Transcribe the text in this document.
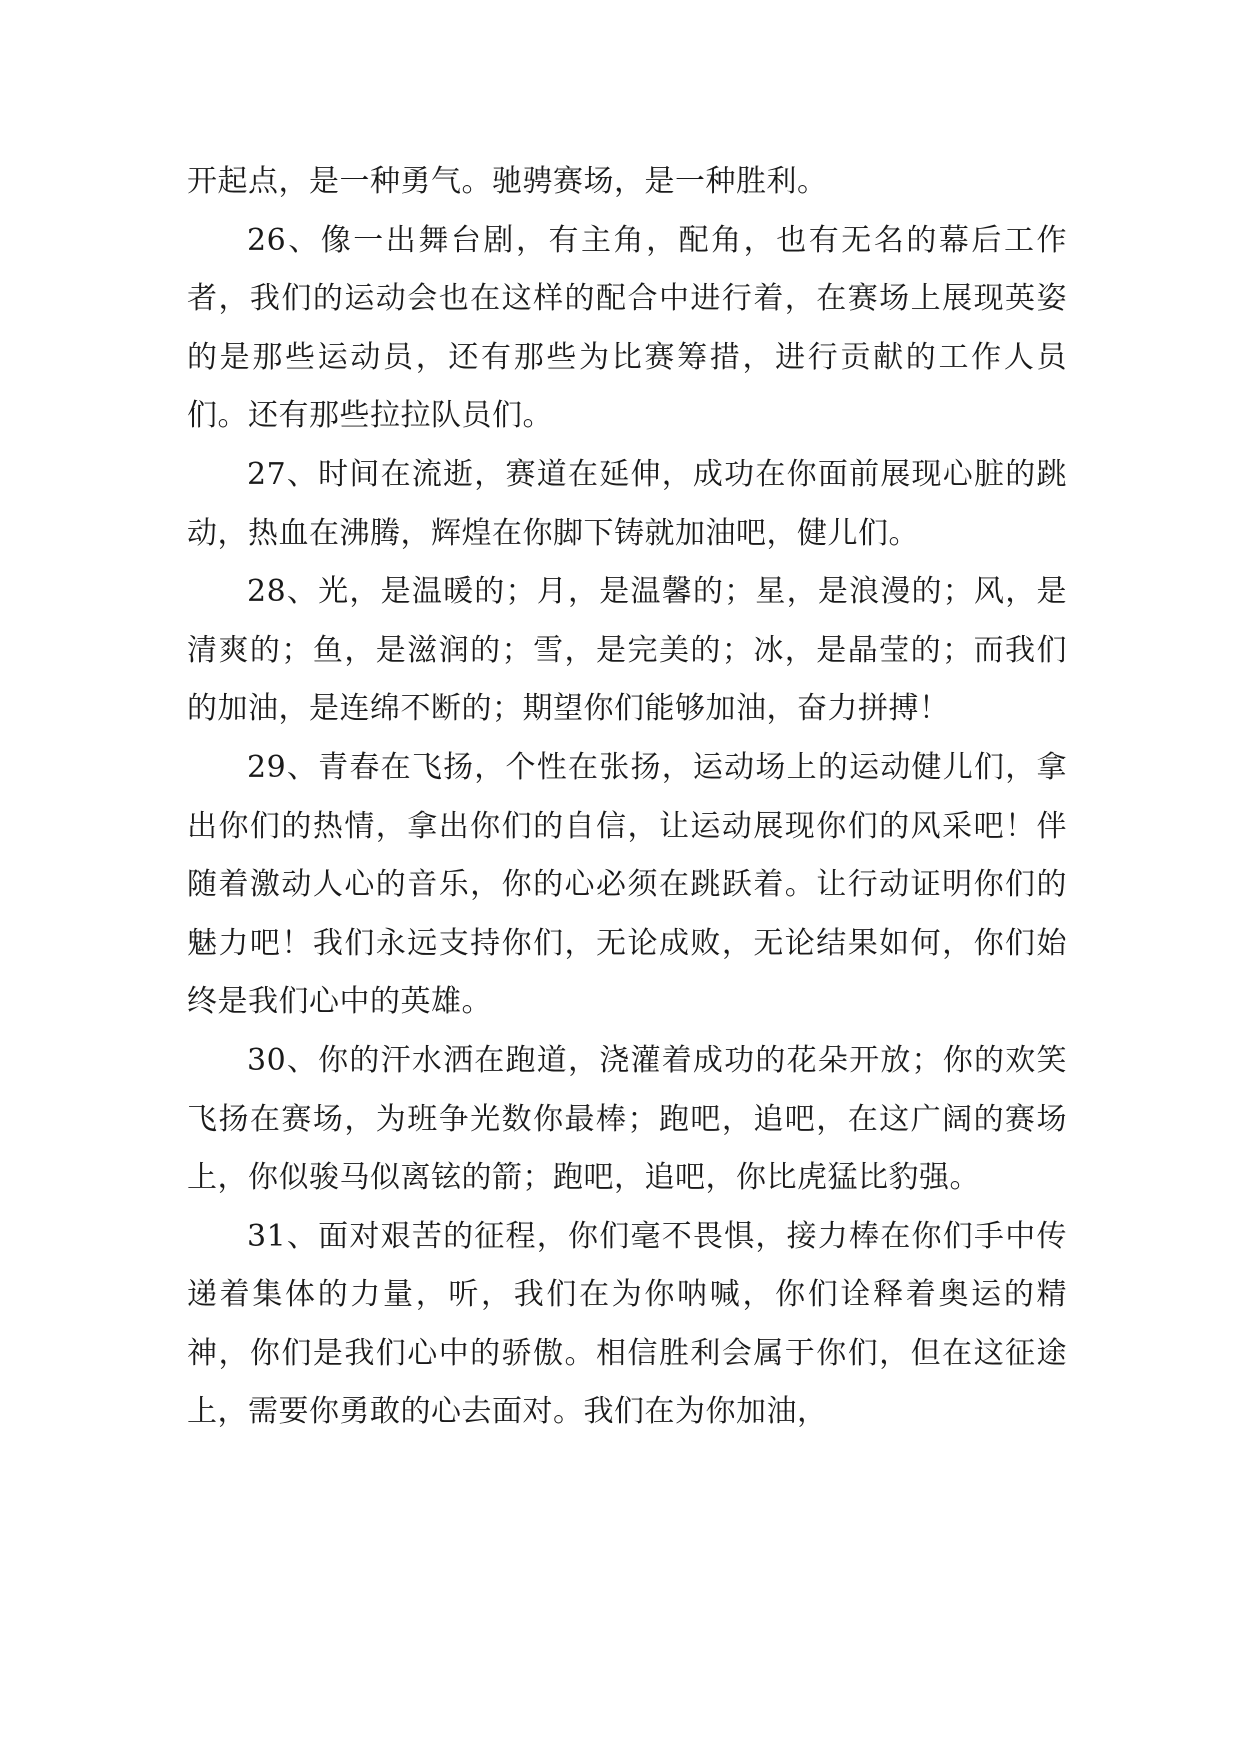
开起点，是一种勇气。驰骋赛场，是一种胜利。

26、像一出舞台剧，有主角，配角，也有无名的幕后工作者，我们的运动会也在这样的配合中进行着，在赛场上展现英姿的是那些运动员，还有那些为比赛筹措，进行贡献的工作人员们。还有那些拉拉队员们。

27、时间在流逝，赛道在延伸，成功在你面前展现心脏的跳动，热血在沸腾，辉煌在你脚下铸就加油吧，健儿们。

28、光，是温暖的；月，是温馨的；星，是浪漫的；风，是清爽的；鱼，是滋润的；雪，是完美的；冰，是晶莹的；而我们的加油，是连绵不断的；期望你们能够加油，奋力拼搏！

29、青春在飞扬，个性在张扬，运动场上的运动健儿们，拿出你们的热情，拿出你们的自信，让运动展现你们的风采吧！伴随着激动人心的音乐，你的心必须在跳跃着。让行动证明你们的魅力吧！我们永远支持你们，无论成败，无论结果如何，你们始终是我们心中的英雄。

30、你的汗水洒在跑道，浇灌着成功的花朵开放；你的欢笑飞扬在赛场，为班争光数你最棒；跑吧，追吧，在这广阔的赛场上，你似骏马似离铉的箭；跑吧，追吧，你比虎猛比豹强。

31、面对艰苦的征程，你们毫不畏惧，接力棒在你们手中传递着集体的力量，听，我们在为你呐喊，你们诠释着奥运的精神，你们是我们心中的骄傲。相信胜利会属于你们，但在这征途上，需要你勇敢的心去面对。我们在为你加油，
